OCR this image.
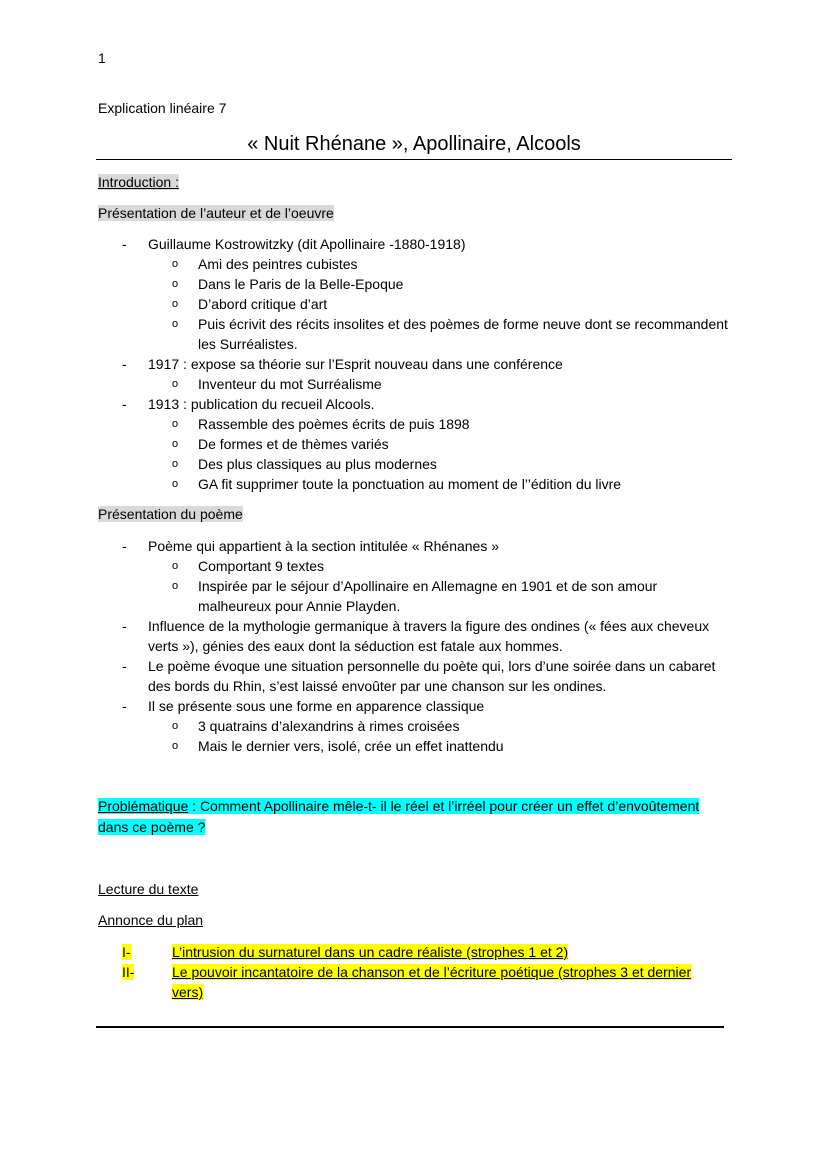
1
Explication linéaire 7
« Nuit Rhénane », Apollinaire, Alcools
Introduction :
Présentation de l’auteur et de l’oeuvre
- Guillaume Kostrowitzky (dit Apollinaire -1880-1918)
o Ami des peintres cubistes
o Dans le Paris de la Belle-Epoque
o D’abord critique d’art
o Puis écrivit des récits insolites et des poèmes de forme neuve dont se recommandent
les Surréalistes.
- 1917 : expose sa théorie sur l’Esprit nouveau dans une conférence
o Inventeur du mot Surréalisme
- 1913 : publication du recueil Alcools.
o Rassemble des poèmes écrits de puis 1898
o De formes et de thèmes variés
o Des plus classiques au plus modernes
o GA fit supprimer toute la ponctuation au moment de l’’édition du livre
Présentation du poème
- Poème qui appartient à la section intitulée « Rhénanes »
o Comportant 9 textes
o Inspirée par le séjour d’Apollinaire en Allemagne en 1901 et de son amour
malheureux pour Annie Playden.
- Influence de la mythologie germanique à travers la figure des ondines (« fées aux cheveux
verts »), génies des eaux dont la séduction est fatale aux hommes.
- Le poème évoque une situation personnelle du poète qui, lors d’une soirée dans un cabaret
des bords du Rhin, s’est laissé envoûter par une chanson sur les ondines.
- Il se présente sous une forme en apparence classique
o 3 quatrains d’alexandrins à rimes croisées
o Mais le dernier vers, isolé, crée un effet inattendu
Problématique : Comment Apollinaire mêle-t- il le réel et l’irréel pour créer un effet d’envoûtement dans ce poème ?
Lecture du texte
Annonce du plan
I-	L’intrusion du surnaturel dans un cadre réaliste (strophes 1 et 2)
II-	Le pouvoir incantatoire de la chanson et de l’écriture poétique (strophes 3 et dernier
vers)
